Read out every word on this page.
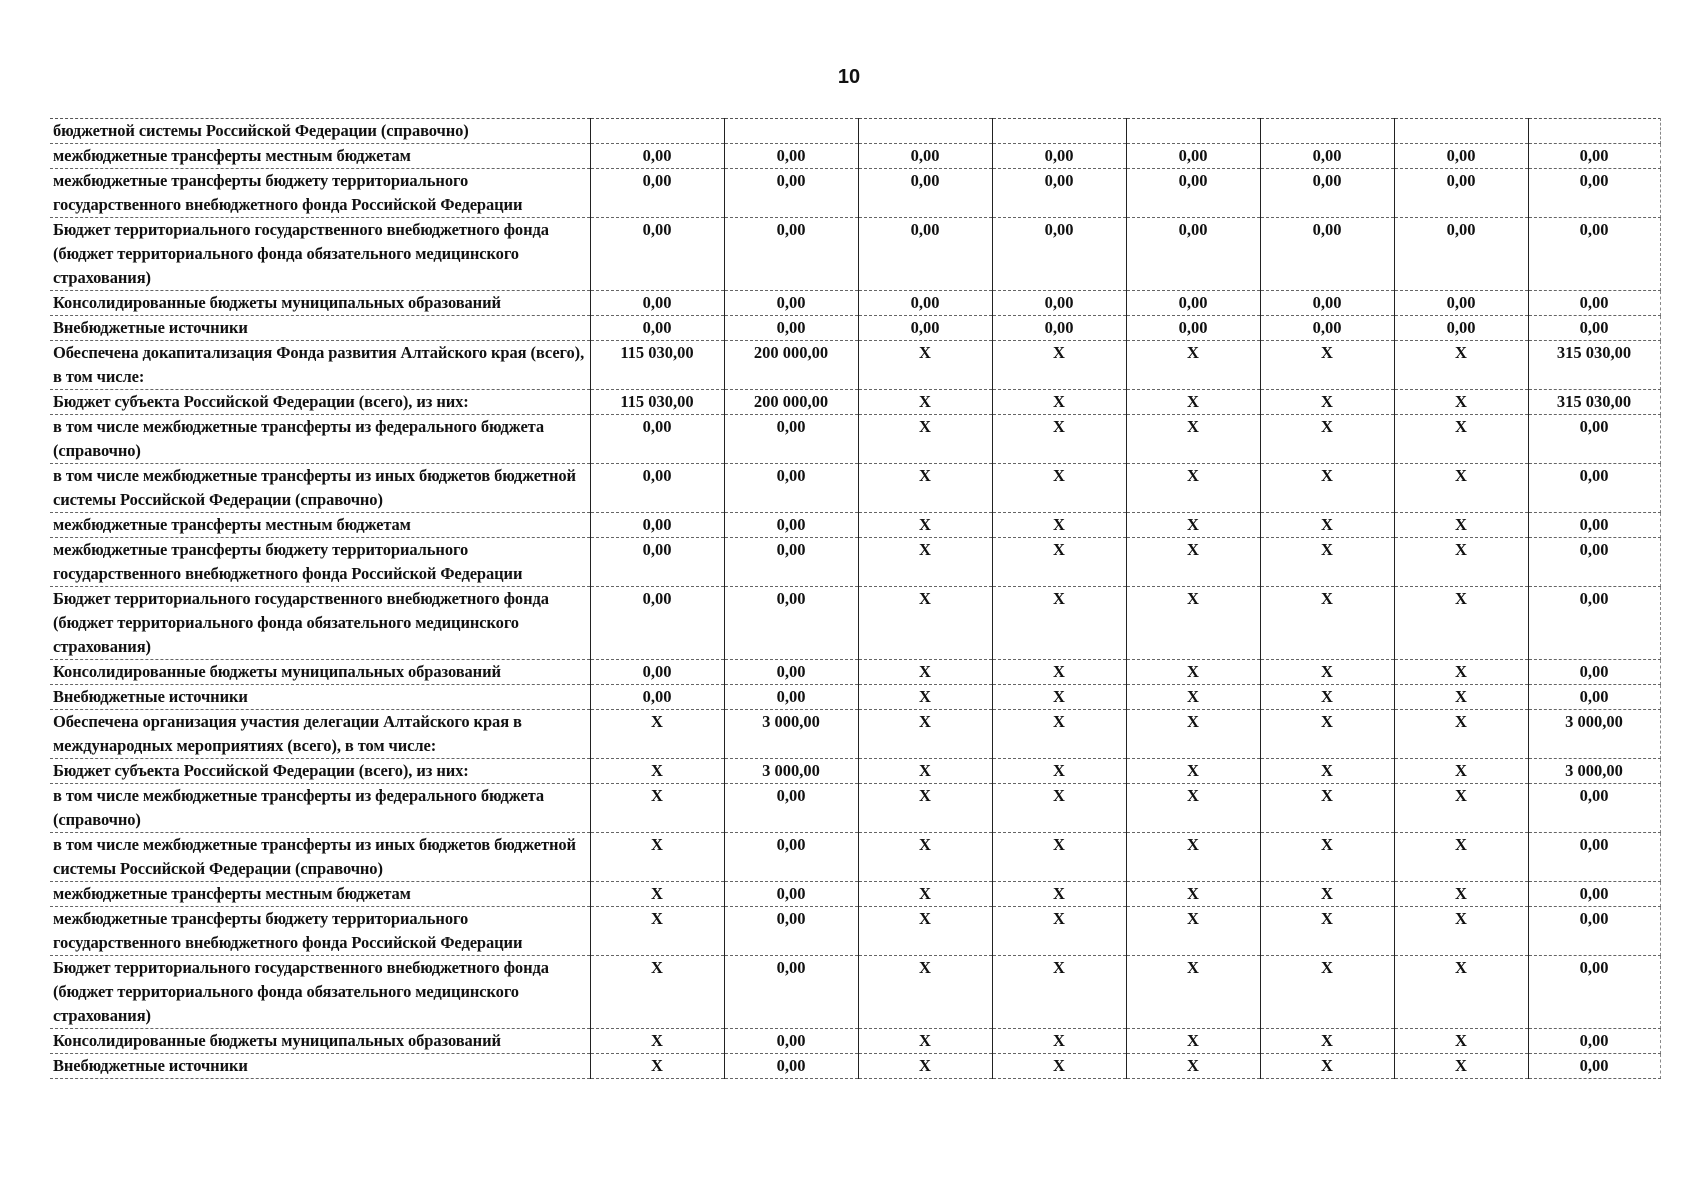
10
бюджетной системы Российской Федерации (справочно)								
межбюджетные трансферты местным бюджетам	0,00	0,00	0,00	0,00	0,00	0,00	0,00	0,00
межбюджетные трансферты бюджету территориального государственного внебюджетного фонда Российской Федерации	0,00	0,00	0,00	0,00	0,00	0,00	0,00	0,00
Бюджет территориального государственного внебюджетного фонда (бюджет территориального фонда обязательного медицинского страхования)	0,00	0,00	0,00	0,00	0,00	0,00	0,00	0,00
Консолидированные бюджеты муниципальных образований	0,00	0,00	0,00	0,00	0,00	0,00	0,00	0,00
Внебюджетные источники	0,00	0,00	0,00	0,00	0,00	0,00	0,00	0,00
Обеспечена докапитализация Фонда развития Алтайского края (всего), в том числе:	115 030,00	200 000,00	X	X	X	X	X	315 030,00
Бюджет субъекта Российской Федерации (всего), из них:	115 030,00	200 000,00	X	X	X	X	X	315 030,00
в том числе межбюджетные трансферты из федерального бюджета (справочно)	0,00	0,00	X	X	X	X	X	0,00
в том числе межбюджетные трансферты из иных бюджетов бюджетной системы Российской Федерации (справочно)	0,00	0,00	X	X	X	X	X	0,00
межбюджетные трансферты местным бюджетам	0,00	0,00	X	X	X	X	X	0,00
межбюджетные трансферты бюджету территориального государственного внебюджетного фонда Российской Федерации	0,00	0,00	X	X	X	X	X	0,00
Бюджет территориального государственного внебюджетного фонда (бюджет территориального фонда обязательного медицинского страхования)	0,00	0,00	X	X	X	X	X	0,00
Консолидированные бюджеты муниципальных образований	0,00	0,00	X	X	X	X	X	0,00
Внебюджетные источники	0,00	0,00	X	X	X	X	X	0,00
Обеспечена организация участия делегации Алтайского края в международных мероприятиях (всего), в том числе:	X	3 000,00	X	X	X	X	X	3 000,00
Бюджет субъекта Российской Федерации (всего), из них:	X	3 000,00	X	X	X	X	X	3 000,00
в том числе межбюджетные трансферты из федерального бюджета (справочно)	X	0,00	X	X	X	X	X	0,00
в том числе межбюджетные трансферты из иных бюджетов бюджетной системы Российской Федерации (справочно)	X	0,00	X	X	X	X	X	0,00
межбюджетные трансферты местным бюджетам	X	0,00	X	X	X	X	X	0,00
межбюджетные трансферты бюджету территориального государственного внебюджетного фонда Российской Федерации	X	0,00	X	X	X	X	X	0,00
Бюджет территориального государственного внебюджетного фонда (бюджет территориального фонда обязательного медицинского страхования)	X	0,00	X	X	X	X	X	0,00
Консолидированные бюджеты муниципальных образований	X	0,00	X	X	X	X	X	0,00
Внебюджетные источники	X	0,00	X	X	X	X	X	0,00
